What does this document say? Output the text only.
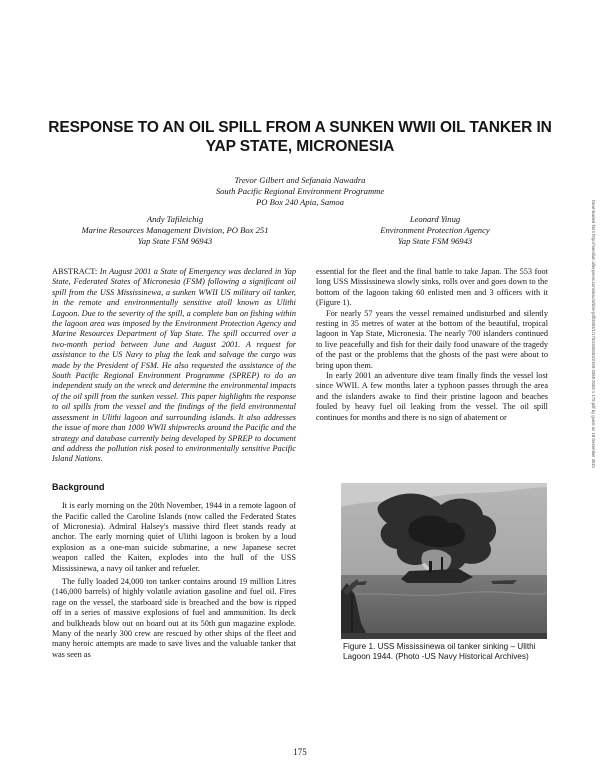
RESPONSE TO AN OIL SPILL FROM A SUNKEN WWII OIL TANKER IN
YAP STATE, MICRONESIA
Trevor Gilbert and Sefanaia Nawadra
South Pacific Regional Environment Programme
PO Box 240 Apia, Samoa
Andy Tafileichig
Marine Resources Management Division, PO Box 251
Yap State FSM 96943
Leonard Yinug
Environment Protection Agency
Yap State FSM 96943	Downloaded from http://meridian.allenpress.com/iosc/article-pdf/2003/1/175/2348493/2169-3358-2003-1-175.pdf by guest on 18 December 2021

ABSTRACT: In August 2001 a State of Emergency was declared in Yap State, Federated States of Micronesia (FSM) following a significant oil spill from the USS Mississinewa, a sunken WWII US military oil tanker, in the remote and environmentally sensitive atoll known as Ulithi Lagoon. Due to the severity of the spill, a complete ban on fishing within the lagoon area was imposed by the Environment Protection Agency and Marine Resources Department of Yap State. The spill occurred over a two-month period between June and August 2001. A request for assistance to the US Navy to plug the leak and salvage the cargo was made by the President of FSM. He also requested the assistance of the South Pacific Regional Environment Programme (SPREP) to do an independent study on the wreck and determine the environmental impacts of the oil spill from the sunken vessel. This paper highlights the response to oil spills from the vessel and the findings of the field environmental assessment in Ulithi lagoon and surrounding islands. It also addresses the issue of more than 1000 WWII shipwrecks around the Pacific and the strategy and database currently being developed by SPREP to document and address the pollution risk posed to environmentally sensitive Pacific Island Nations.

Background

It is early morning on the 20th November, 1944 in a remote lagoon of the Pacific called the Caroline Islands (now called the Federated States of Micronesia). Admiral Halsey's massive third fleet stands ready at anchor. The early morning quiet of Ulithi lagoon is broken by a loud explosion as a one-man suicide submarine, a new Japanese secret weapon called the Kaiten, explodes into the hull of the USS Mississinewa, a navy oil tanker and refueler.

The fully loaded 24,000 ton tanker contains around 19 million Litres (146,000 barrels) of highly volatile aviation gasoline and fuel oil. Fires rage on the vessel, the starboard side is breached and the bow is ripped off in a series of massive explosions of fuel and ammunition. Its deck and bulkheads blow out on board out at its 50th gun magazine explode. Many of the nearly 300 crew are rescued by other ships of the fleet and many heroic attempts are made to save lives and the valuable tanker that was seen as

essential for the fleet and the final battle to take Japan. The 553 foot long USS Mississinewa slowly sinks, rolls over and goes down to the bottom of the lagoon taking 60 enlisted men and 3 officers with it (Figure 1).

For nearly 57 years the vessel remained undisturbed and silently resting in 35 metres of water at the bottom of the beautiful, tropical lagoon in Yap State, Micronesia. The nearly 700 islanders continued to live peacefully and fish for their daily food unaware of the tragedy of the past or the problems that the ghosts of the past were about to bring upon them.

In early 2001 an adventure dive team finally finds the vessel lost since WWII. A few months later a typhoon passes through the area and the islanders awake to find their pristine lagoon and beaches fouled by heavy fuel oil leaking from the vessel. The oil spill continues for months and there is no sign of abatement or

Figure 1. USS Mississinewa oil tanker sinking – Ulithi Lagoon 1944. (Photo -US Navy Historical Archives)
175
